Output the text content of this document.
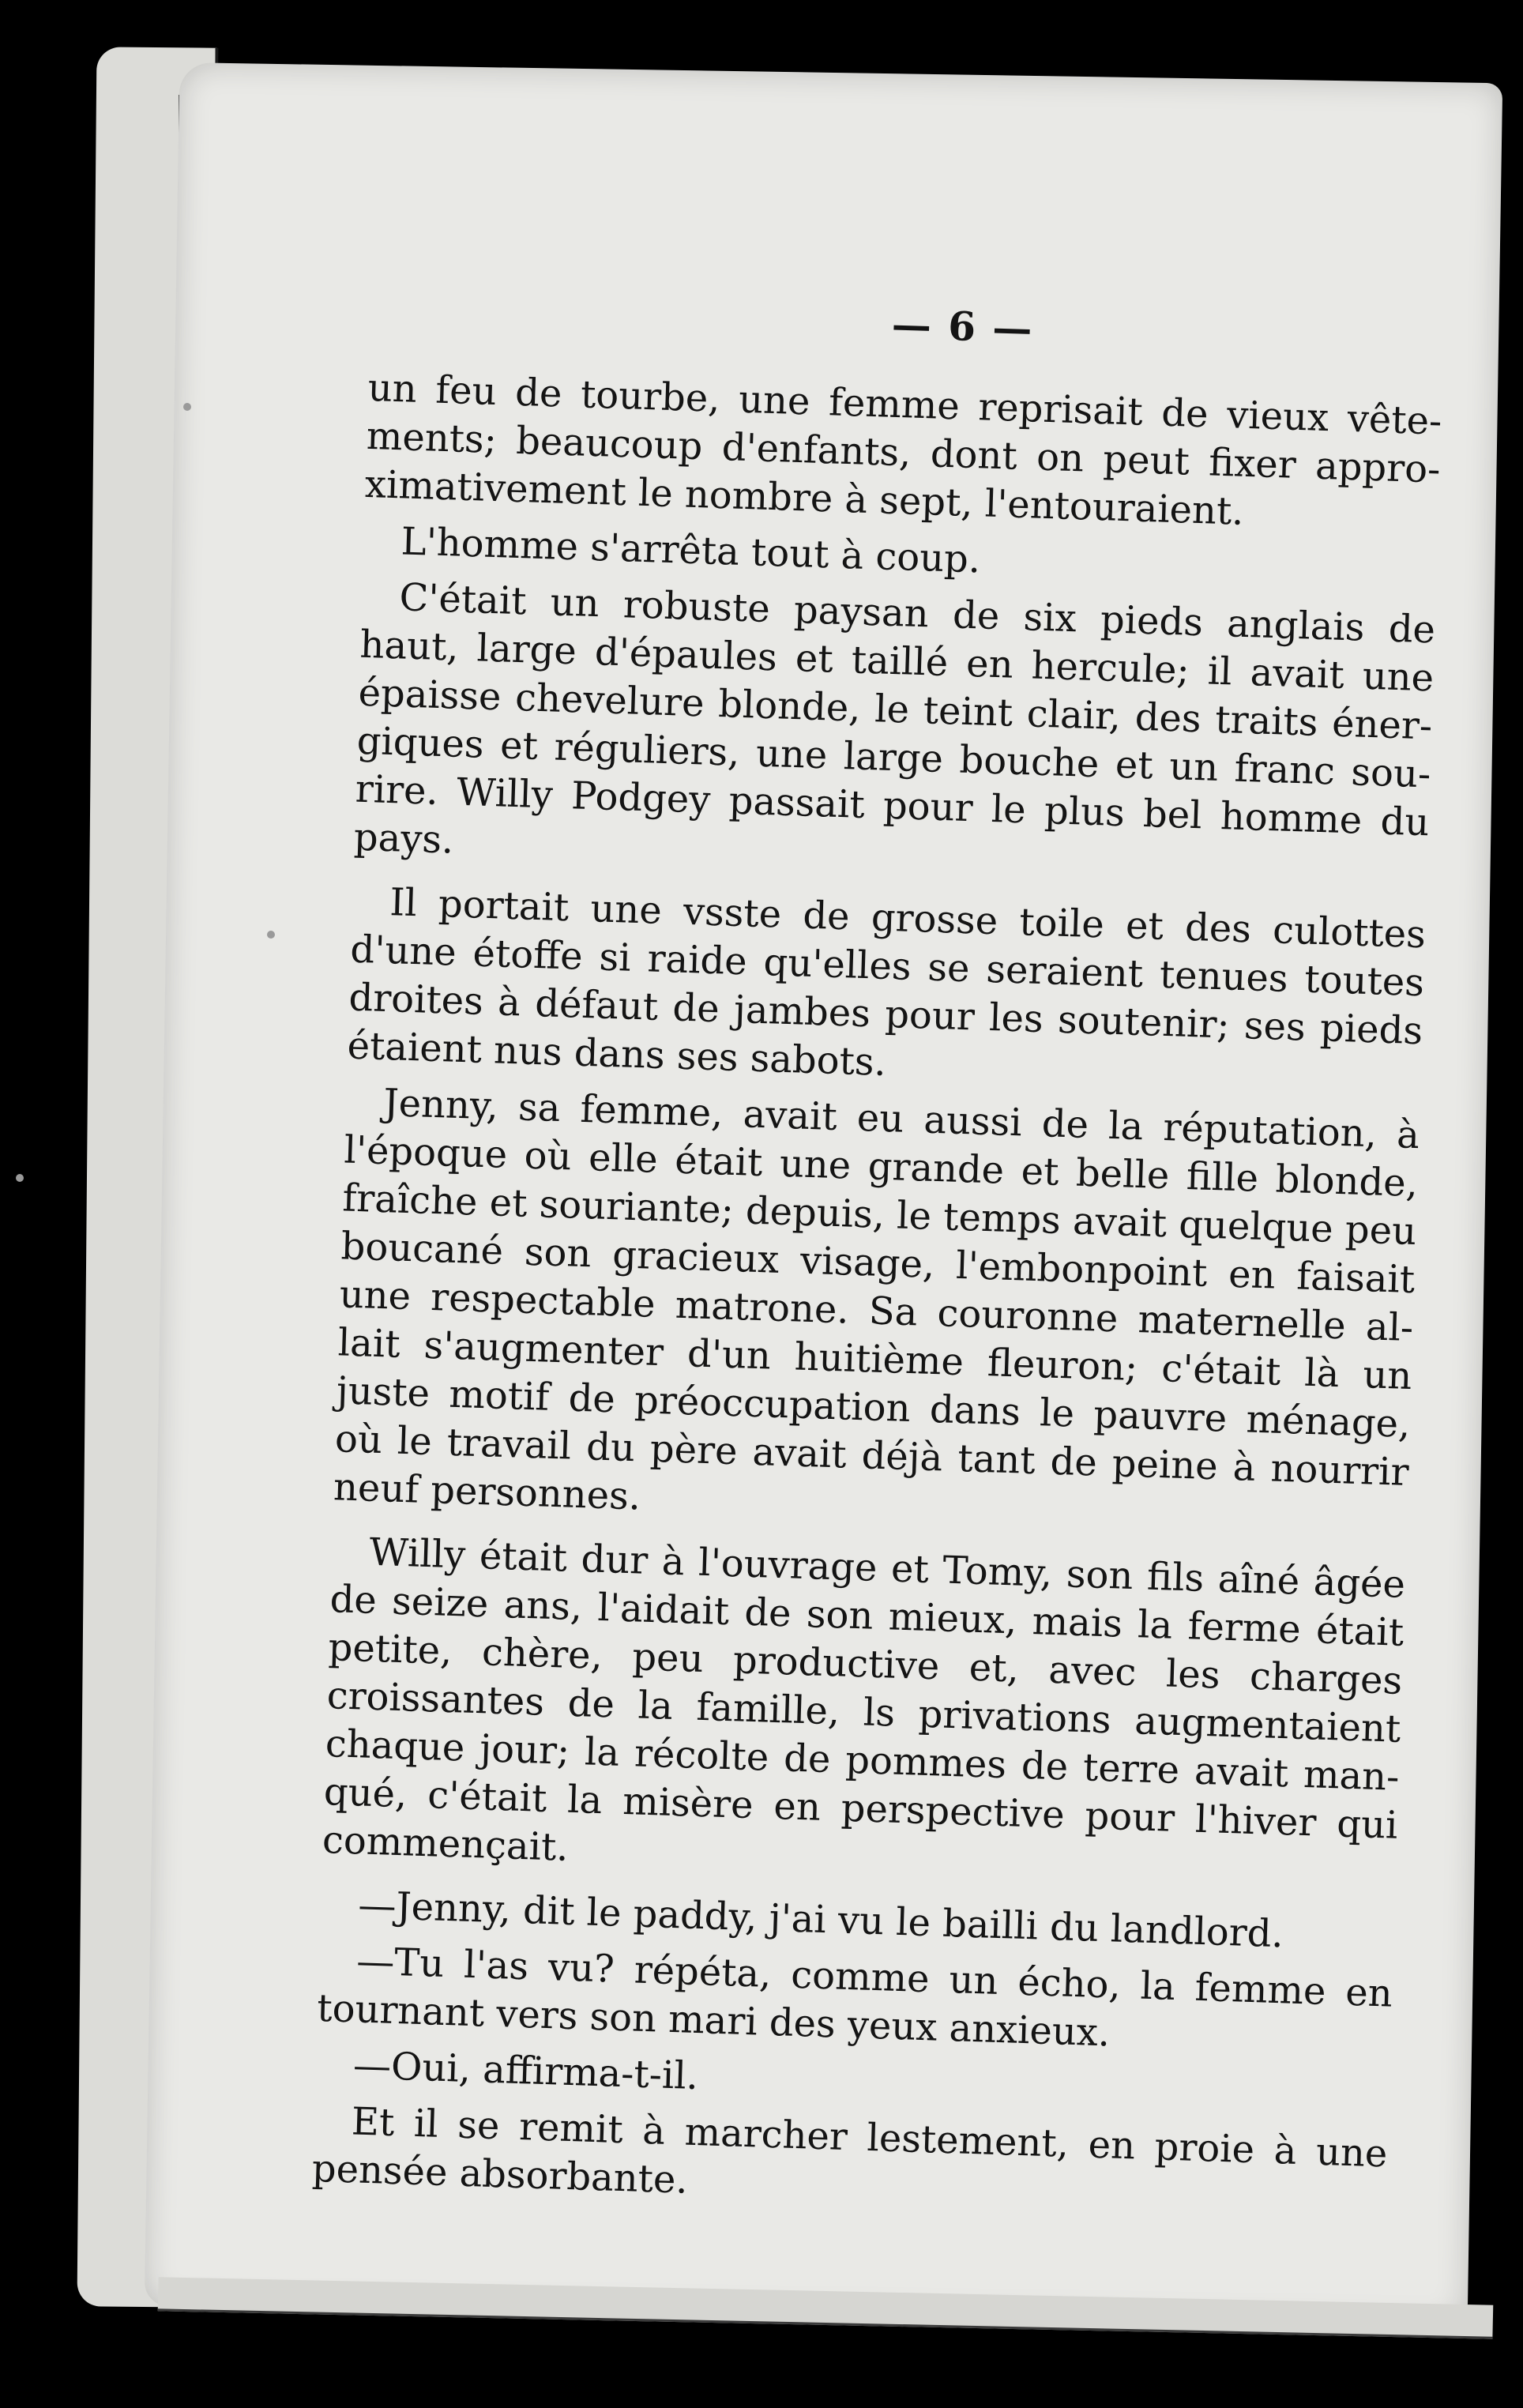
— 6 —

un feu de tourbe, une femme reprisait de vieux vête-ments; beaucoup d'enfants, dont on peut fixer appro-ximativement le nombre à sept, l'entouraient.

L'homme s'arrêta tout à coup.

C'était un robuste paysan de six pieds anglais de haut, large d'épaules et taillé en hercule; il avait une épaisse chevelure blonde, le teint clair, des traits éner-giques et réguliers, une large bouche et un franc sou-rire. Willy Podgey passait pour le plus bel homme du pays.

Il portait une vsste de grosse toile et des culottes d'une étoffe si raide qu'elles se seraient tenues toutes droites à défaut de jambes pour les soutenir; ses pieds étaient nus dans ses sabots.

Jenny, sa femme, avait eu aussi de la réputation, à l'époque où elle était une grande et belle fille blonde, fraîche et souriante; depuis, le temps avait quelque peu boucané son gracieux visage, l'embonpoint en faisait une respectable matrone. Sa couronne maternelle al-lait s'augmenter d'un huitième fleuron; c'était là un juste motif de préoccupation dans le pauvre ménage, où le travail du père avait déjà tant de peine à nourrir neuf personnes.

Willy était dur à l'ouvrage et Tomy, son fils aîné âgée de seize ans, l'aidait de son mieux, mais la ferme était petite, chère, peu productive et, avec les charges croissantes de la famille, ls privations augmentaient chaque jour; la récolte de pommes de terre avait man-qué, c'était la misère en perspective pour l'hiver qui commençait.

—Jenny, dit le paddy, j'ai vu le bailli du landlord.

—Tu l'as vu? répéta, comme un écho, la femme en tournant vers son mari des yeux anxieux.

—Oui, affirma-t-il.

Et il se remit à marcher lestement, en proie à une pensée absorbante.
